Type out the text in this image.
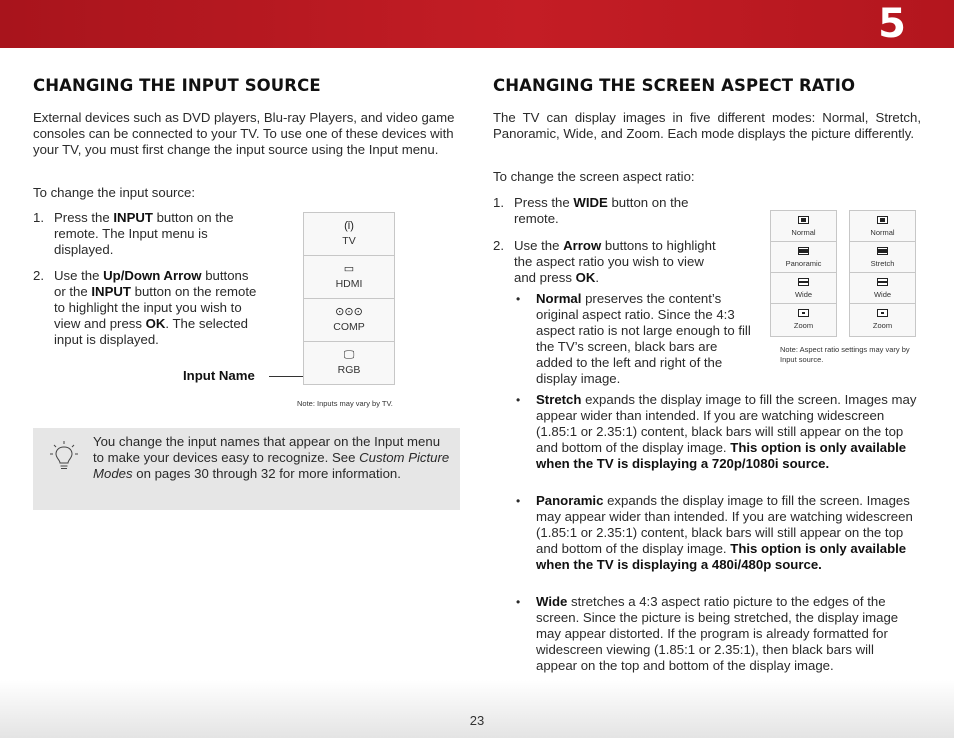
5
CHANGING THE INPUT SOURCE
External devices such as DVD players, Blu-ray Players, and video game consoles can be connected to your TV. To use one of these devices with your TV, you must first change the input source using the Input menu.
To change the input source:
1. Press the INPUT button on the remote. The Input menu is displayed.
2. Use the Up/Down Arrow buttons or the INPUT button on the remote to highlight the input you wish to view and press OK. The selected input is displayed.
Input Name
(ǐ)
TV
▭
HDMI
⊙⊙⊙
COMP
🖵
RGB
Note: Inputs may vary by TV.
You change the input names that appear on the Input menu to make your devices easy to recognize. See Custom Picture Modes on pages 30 through 32 for more information.
CHANGING THE SCREEN ASPECT RATIO
The TV can display images in five different modes: Normal, Stretch, Panoramic, Wide, and Zoom. Each mode displays the picture differently.
To change the screen aspect ratio:
1. Press the WIDE button on the remote.
2. Use the Arrow buttons to highlight the aspect ratio you wish to view and press OK.
• Normal preserves the content’s original aspect ratio. Since the 4:3 aspect ratio is not large enough to fill the TV’s screen, black bars are added to the left and right of the display image.
• Stretch expands the display image to fill the screen. Images may appear wider than intended. If you are watching widescreen (1.85:1 or 2.35:1) content, black bars will still appear on the top and bottom of the display image. This option is only available when the TV is displaying a 720p/1080i source.
• Panoramic expands the display image to fill the screen. Images may appear wider than intended. If you are watching widescreen (1.85:1 or 2.35:1) content, black bars will still appear on the top and bottom of the display image. This option is only available when the TV is displaying a 480i/480p source.
• Wide stretches a 4:3 aspect ratio picture to the edges of the screen. Since the picture is being stretched, the display image may appear distorted. If the program is already formatted for widescreen viewing (1.85:1 or 2.35:1), then black bars will appear on the top and bottom of the display image.
Normal
Panoramic
Wide
Zoom
Normal
Stretch
Wide
Zoom
Note: Aspect ratio settings may vary by Input source.
23
